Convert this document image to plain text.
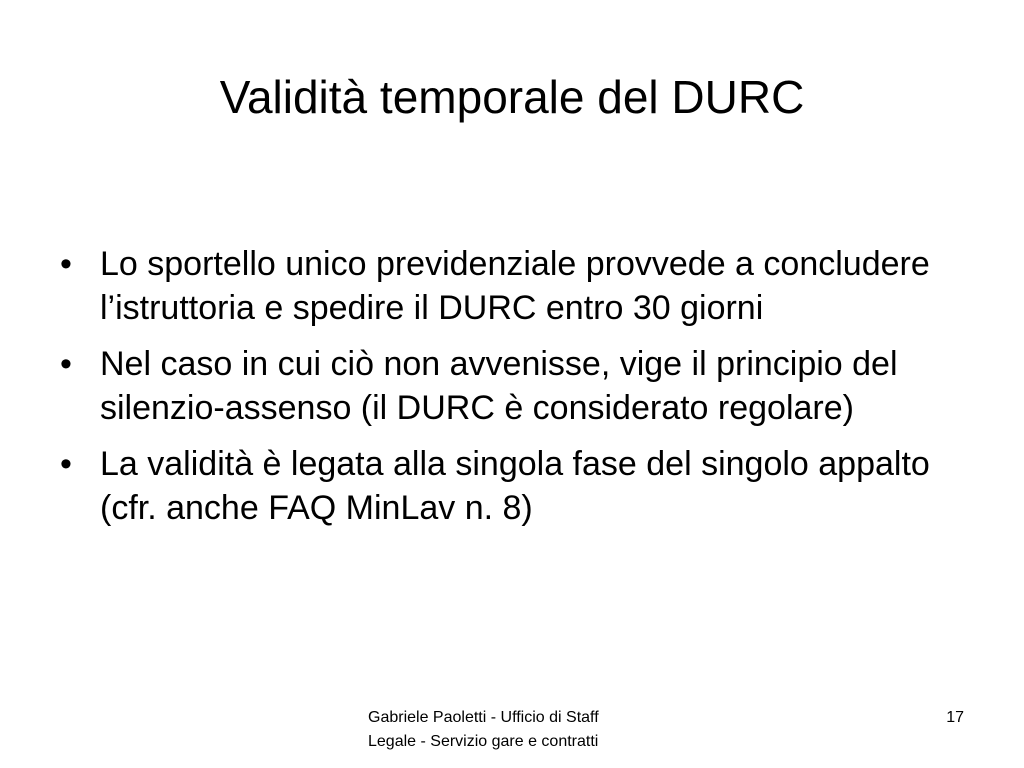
Validità temporale del DURC
• Lo sportello unico previdenziale provvede a concludere l’istruttoria e spedire il DURC entro 30 giorni
• Nel caso in cui ciò non avvenisse, vige il principio del silenzio-assenso (il DURC è considerato regolare)
• La validità è legata alla singola fase del singolo appalto (cfr. anche FAQ MinLav n. 8)

Gabriele Paoletti - Ufficio di Staff
Legale - Servizio gare e contratti

17
